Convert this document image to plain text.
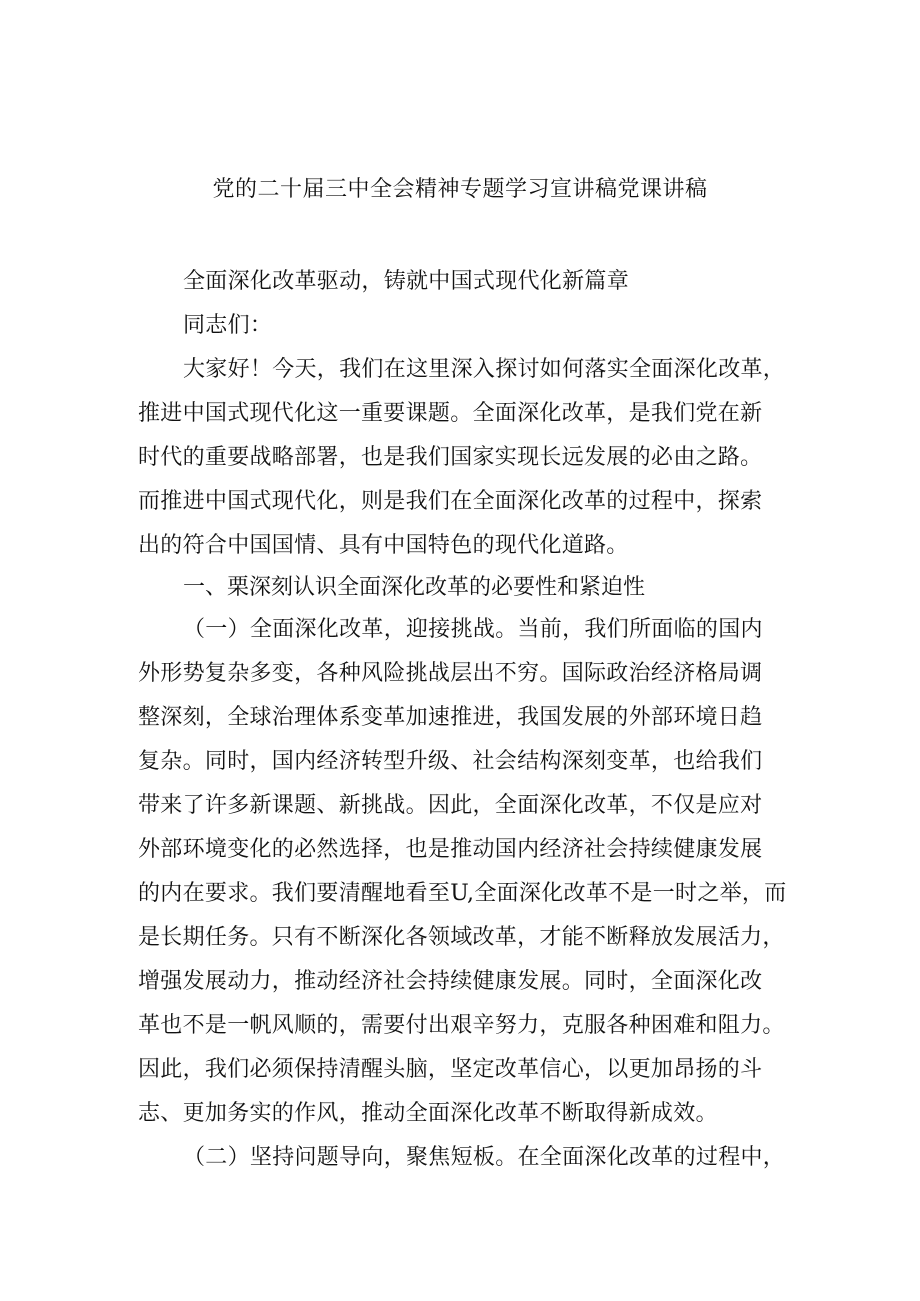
党的二十届三中全会精神专题学习宣讲稿党课讲稿
全面深化改革驱动，铸就中国式现代化新篇章
同志们：
大家好！今天，我们在这里深入探讨如何落实全面深化改革，
推进中国式现代化这一重要课题。全面深化改革，是我们党在新
时代的重要战略部署，也是我们国家实现长远发展的必由之路。
而推进中国式现代化，则是我们在全面深化改革的过程中，探索
出的符合中国国情、具有中国特色的现代化道路。
一、栗深刻认识全面深化改革的必要性和紧迫性
（一）全面深化改革，迎接挑战。当前，我们所面临的国内
外形势复杂多变，各种风险挑战层出不穷。国际政治经济格局调
整深刻，全球治理体系变革加速推进，我国发展的外部环境日趋
复杂。同时，国内经济转型升级、社会结构深刻变革，也给我们
带来了许多新课题、新挑战。因此，全面深化改革，不仅是应对
外部环境变化的必然选择，也是推动国内经济社会持续健康发展
的内在要求。我们要清醒地看至U,全面深化改革不是一时之举，而
是长期任务。只有不断深化各领域改革，才能不断释放发展活力，
增强发展动力，推动经济社会持续健康发展。同时，全面深化改
革也不是一帆风顺的，需要付出艰辛努力，克服各种困难和阻力。
因此，我们必须保持清醒头脑，坚定改革信心，以更加昂扬的斗
志、更加务实的作风，推动全面深化改革不断取得新成效。
（二）坚持问题导向，聚焦短板。在全面深化改革的过程中，
